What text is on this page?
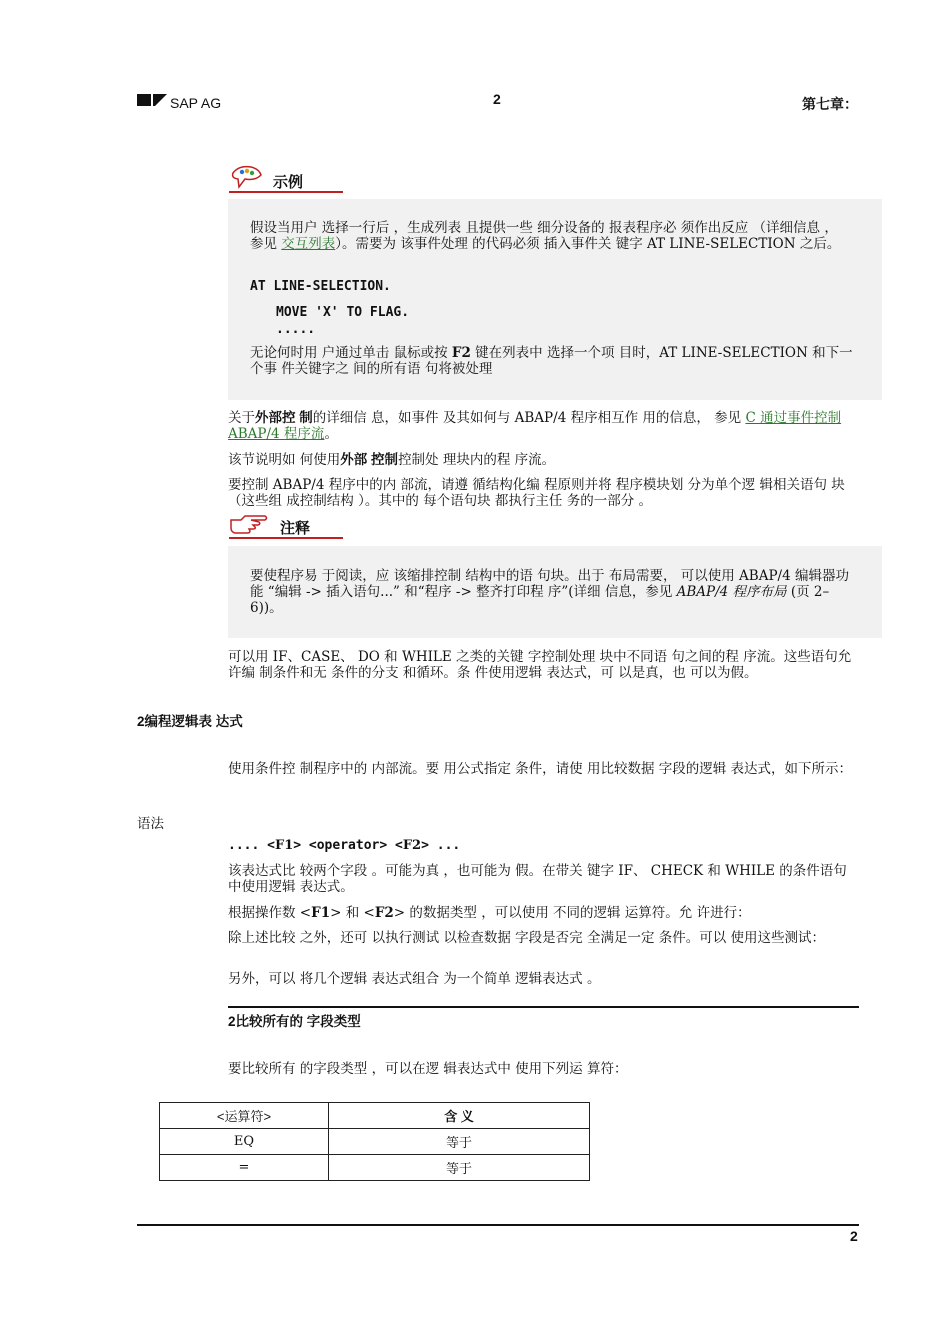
SAP AG	2	第七章：
示例
假设当用户 选择一行后 ，生成列表 且提供一些 细分设备的 报表程序必 须作出反应 （详细信息 ，参见 交互列表）。需要为 该事件处理 的代码必须 插入事件关 键字 AT LINE-SELECTION 之后。
AT LINE-SELECTION.
MOVE 'X' TO FLAG.
.....
无论何时用 户通过单击 鼠标或按 F2 键在列表中 选择一个项 目时，AT LINE-SELECTION 和下一个事 件关键字之 间的所有语 句将被处理
关于外部控 制的详细信 息，如事件 及其如何与 ABAP/4 程序相互作 用的信息， 参见 C 通过事件控制 ABAP/4 程序流。
该节说明如 何使用外部 控制控制处 理块内的程 序流。
要控制 ABAP/4 程序中的内 部流，请遵 循结构化编 程原则并将 程序模块划 分为单个逻 辑相关语句 块（这些组 成控制结构 ）。其中的 每个语句块 都执行主任 务的一部分 。
注释
要使程序易 于阅读，应 该缩排控制 结构中的语 句块。出于 布局需要， 可以使用 ABAP/4 编辑器功能 “编辑 -> 插入语句...” 和“程序 -> 整齐打印程 序”(详细 信息，参见 ABAP/4 程序布局 (页 2–6))。
可以用 IF、CASE、 DO 和 WHILE 之类的关键 字控制处理 块中不同语 句之间的程 序流。这些语句允许编 制条件和无 条件的分支 和循环。条 件使用逻辑 表达式，可 以是真，也 可以为假。
2编程逻辑表 达式
使用条件控 制程序中的 内部流。要 用公式指定 条件，请使 用比较数据 字段的逻辑 表达式，如下所示：
语法
.... <F1> <operator> <F2> ...
该表达式比 较两个字段 。可能为真 ，也可能为 假。在带关 键字 IF、 CHECK 和 WHILE 的条件语句 中使用逻辑 表达式。
根据操作数 <F1> 和 <F2> 的数据类型 ，可以使用 不同的逻辑 运算符。允 许进行：
除上述比较 之外，还可 以执行测试 以检查数据 字段是否完 全满足一定 条件。可以 使用这些测试：
另外，可以 将几个逻辑 表达式组合 为一个简单 逻辑表达式 。
2比较所有的 字段类型
要比较所有 的字段类型 ，可以在逻 辑表达式中 使用下列运 算符：
<运算符>	含 义
EQ	等于
=	等于
2
